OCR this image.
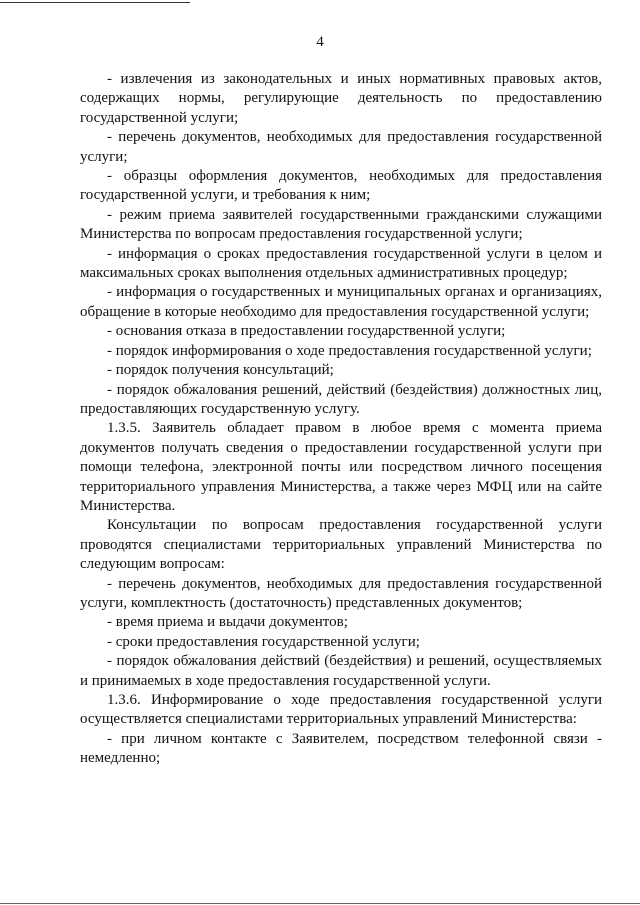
4

- извлечения из законодательных и иных нормативных правовых актов, содержащих нормы, регулирующие деятельность по предоставлению государственной услуги;

- перечень документов, необходимых для предоставления государственной услуги;

- образцы оформления документов, необходимых для предоставления государственной услуги, и требования к ним;

- режим приема заявителей государственными гражданскими служащими Министерства по вопросам предоставления государственной услуги;

- информация о сроках предоставления государственной услуги в целом и максимальных сроках выполнения отдельных административных процедур;

- информация о государственных и муниципальных органах и организациях, обращение в которые необходимо для предоставления государственной услуги;

- основания отказа в предоставлении государственной услуги;

- порядок информирования о ходе предоставления государственной услуги;

- порядок получения консультаций;

- порядок обжалования решений, действий (бездействия) должностных лиц, предоставляющих государственную услугу.

1.3.5. Заявитель обладает правом в любое время с момента приема документов получать сведения о предоставлении государственной услуги при помощи телефона, электронной почты или посредством личного посещения территориального управления Министерства, а также через МФЦ или на сайте Министерства.

Консультации по вопросам предоставления государственной услуги проводятся специалистами территориальных управлений Министерства по следующим вопросам:

- перечень документов, необходимых для предоставления государственной услуги, комплектность (достаточность) представленных документов;

- время приема и выдачи документов;

- сроки предоставления государственной услуги;

- порядок обжалования действий (бездействия) и решений, осуществляемых и принимаемых в ходе предоставления государственной услуги.

1.3.6. Информирование о ходе предоставления государственной услуги осуществляется специалистами территориальных управлений Министерства:

- при личном контакте с Заявителем, посредством телефонной связи - немедленно;
